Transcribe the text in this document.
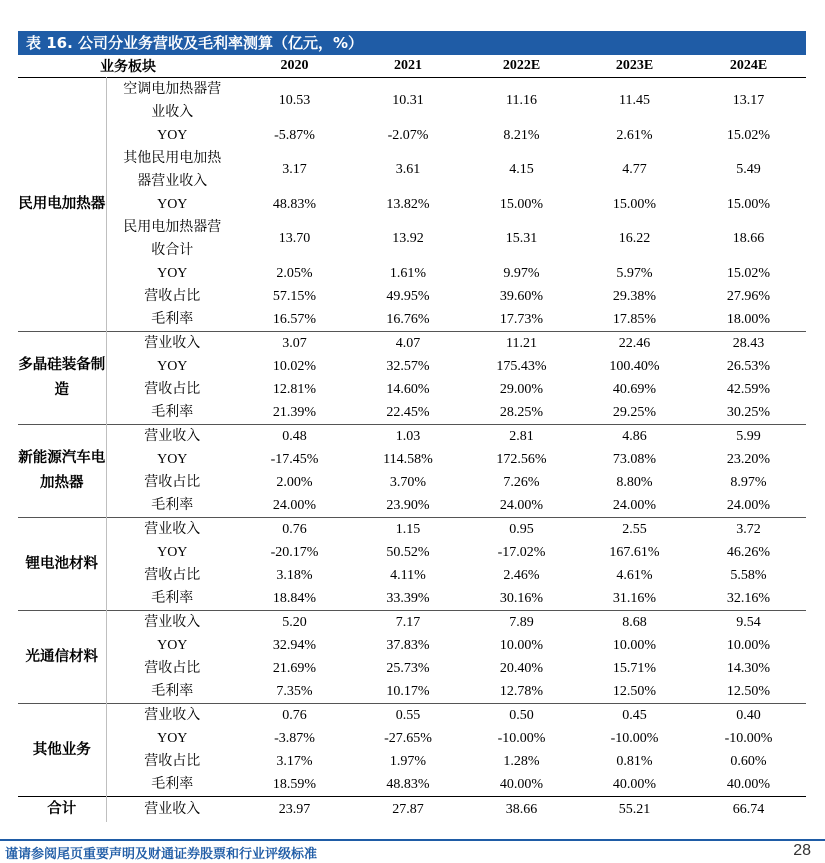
表 16. 公司分业务营收及毛利率测算（亿元，%）
业务板块		2020	2021	2022E	2023E	2024E
民用电加热器	空调电加热器营业收入	10.53	10.31	11.16	11.45	13.17
	YOY	-5.87%	-2.07%	8.21%	2.61%	15.02%
	其他民用电加热器营业收入	3.17	3.61	4.15	4.77	5.49
	YOY	48.83%	13.82%	15.00%	15.00%	15.00%
	民用电加热器营收合计	13.70	13.92	15.31	16.22	18.66
	YOY	2.05%	1.61%	9.97%	5.97%	15.02%
	营收占比	57.15%	49.95%	39.60%	29.38%	27.96%
	毛利率	16.57%	16.76%	17.73%	17.85%	18.00%
多晶硅装备制造	营业收入	3.07	4.07	11.21	22.46	28.43
	YOY	10.02%	32.57%	175.43%	100.40%	26.53%
	营收占比	12.81%	14.60%	29.00%	40.69%	42.59%
	毛利率	21.39%	22.45%	28.25%	29.25%	30.25%
新能源汽车电加热器	营业收入	0.48	1.03	2.81	4.86	5.99
	YOY	-17.45%	114.58%	172.56%	73.08%	23.20%
	营收占比	2.00%	3.70%	7.26%	8.80%	8.97%
	毛利率	24.00%	23.90%	24.00%	24.00%	24.00%
锂电池材料	营业收入	0.76	1.15	0.95	2.55	3.72
	YOY	-20.17%	50.52%	-17.02%	167.61%	46.26%
	营收占比	3.18%	4.11%	2.46%	4.61%	5.58%
	毛利率	18.84%	33.39%	30.16%	31.16%	32.16%
光通信材料	营业收入	5.20	7.17	7.89	8.68	9.54
	YOY	32.94%	37.83%	10.00%	10.00%	10.00%
	营收占比	21.69%	25.73%	20.40%	15.71%	14.30%
	毛利率	7.35%	10.17%	12.78%	12.50%	12.50%
其他业务	营业收入	0.76	0.55	0.50	0.45	0.40
	YOY	-3.87%	-27.65%	-10.00%	-10.00%	-10.00%
	营收占比	3.17%	1.97%	1.28%	0.81%	0.60%
	毛利率	18.59%	48.83%	40.00%	40.00%	40.00%
合计	营业收入	23.97	27.87	38.66	55.21	66.74
谨请参阅尾页重要声明及财通证券股票和行业评级标准	28
